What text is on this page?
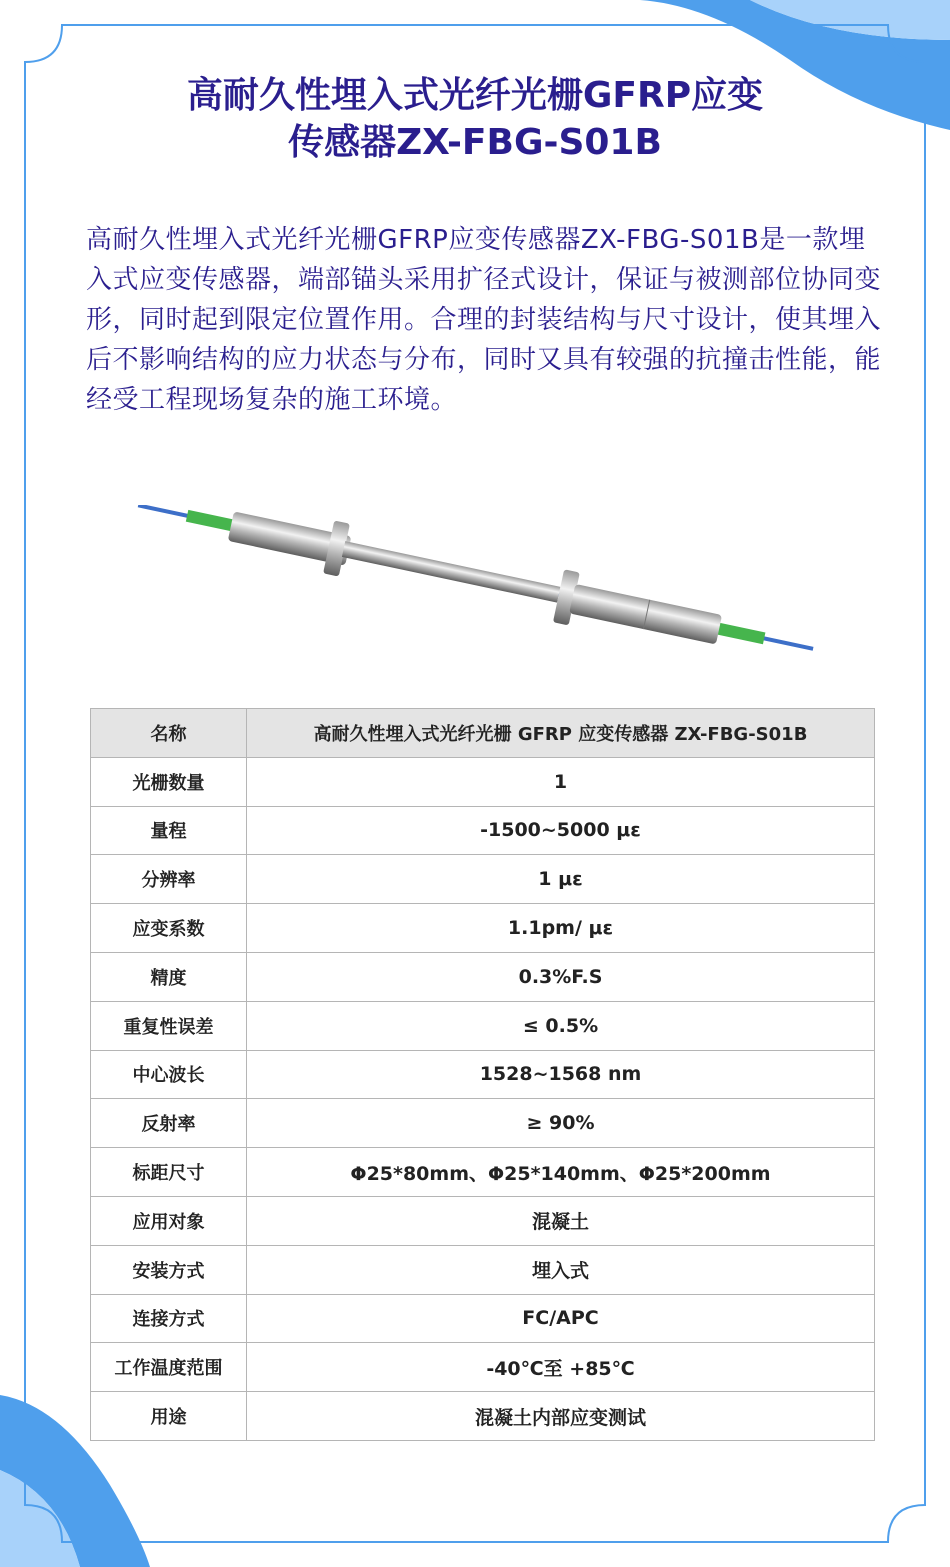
高耐久性埋入式光纤光栅GFRP应变
传感器ZX-FBG-S01B

高耐久性埋入式光纤光栅GFRP应变传感器ZX-FBG-S01B是一款埋入式应变传感器，端部锚头采用扩径式设计，保证与被测部位协同变形，同时起到限定位置作用。合理的封装结构与尺寸设计，使其埋入后不影响结构的应力状态与分布，同时又具有较强的抗撞击性能，能经受工程现场复杂的施工环境。

名称	高耐久性埋入式光纤光栅 GFRP 应变传感器 ZX-FBG-S01B
光栅数量	1
量程	-1500~5000 με
分辨率	1 με
应变系数	1.1pm/ με
精度	0.3%F.S
重复性误差	≤ 0.5%
中心波长	1528~1568 nm
反射率	≥ 90%
标距尺寸	Φ25*80mm、Φ25*140mm、Φ25*200mm
应用对象	混凝土
安装方式	埋入式
连接方式	FC/APC
工作温度范围	-40℃至 +85℃
用途	混凝土内部应变测试
